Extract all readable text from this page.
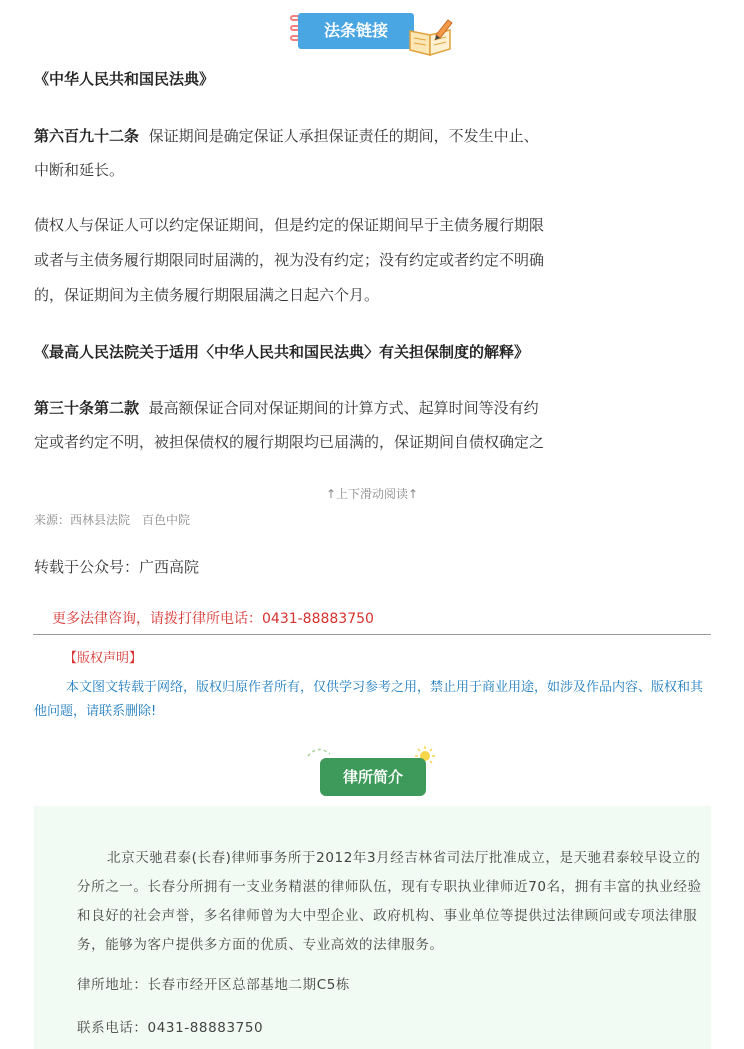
法条链接
《中华人民共和国民法典》
第六百九十二条 保证期间是确定保证人承担保证责任的期间，不发生中止、
中断和延长。
债权人与保证人可以约定保证期间，但是约定的保证期间早于主债务履行期限
或者与主债务履行期限同时届满的，视为没有约定；没有约定或者约定不明确
的，保证期间为主债务履行期限届满之日起六个月。
《最高人民法院关于适用〈中华人民共和国民法典〉有关担保制度的解释》
第三十条第二款 最高额保证合同对保证期间的计算方式、起算时间等没有约
定或者约定不明，被担保债权的履行期限均已届满的，保证期间自债权确定之
↑上下滑动阅读↑
来源：西林县法院　百色中院
转载于公众号：广西高院
更多法律咨询，请拨打律所电话：0431-88883750
【版权声明】
本文图文转载于网络，版权归原作者所有，仅供学习参考之用，禁止用于商业用途，如涉及作品内容、版权和其他问题，请联系删除!
律所简介
北京天驰君泰(长春)律师事务所于2012年3月经吉林省司法厅批准成立，是天驰君泰较早设立的分所之一。长春分所拥有一支业务精湛的律师队伍，现有专职执业律师近70名，拥有丰富的执业经验和良好的社会声誉，多名律师曾为大中型企业、政府机构、事业单位等提供过法律顾问或专项法律服务，能够为客户提供多方面的优质、专业高效的法律服务。
律所地址：长春市经开区总部基地二期C5栋
联系电话：0431-88883750
